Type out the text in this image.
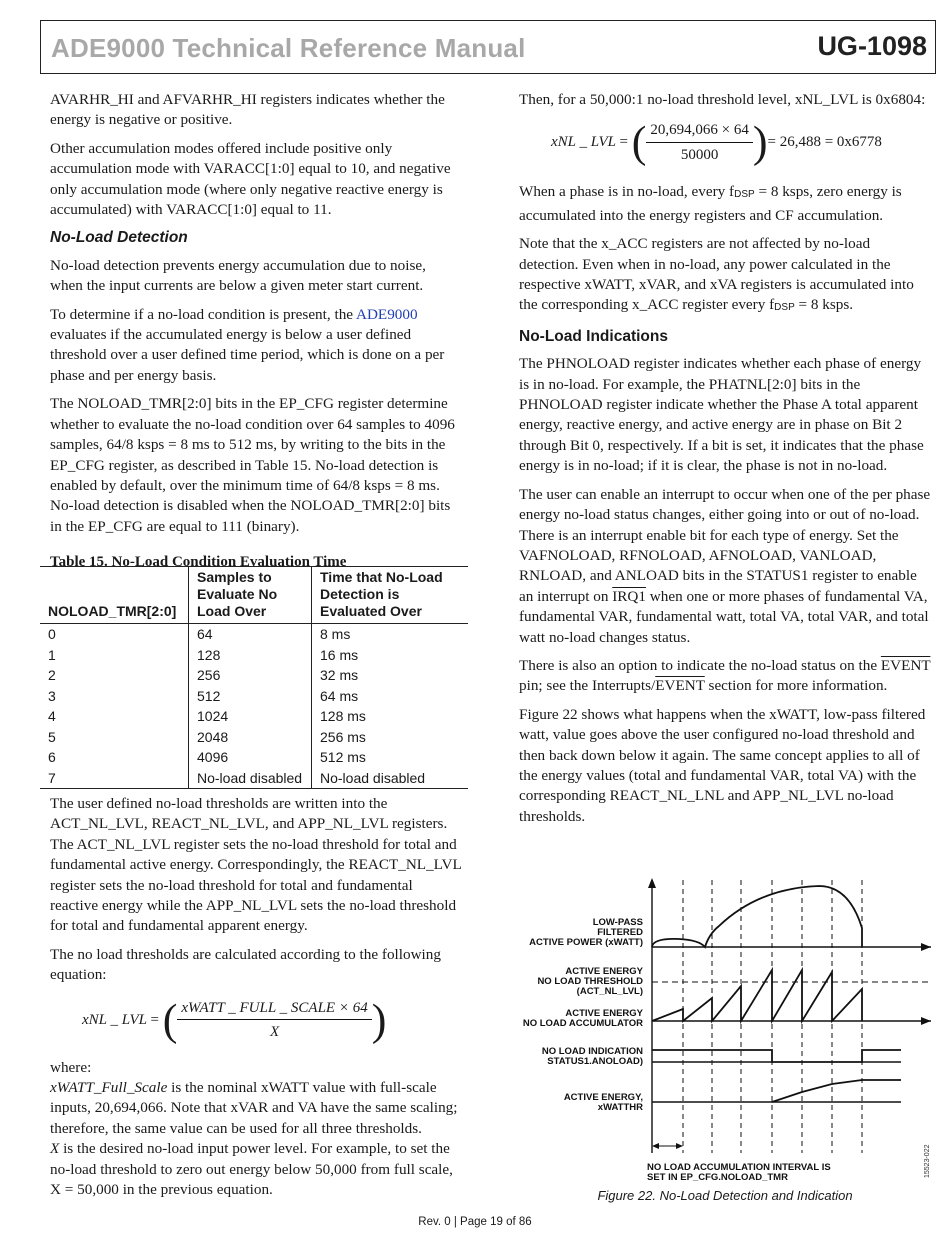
ADE9000 Technical Reference Manual	UG-1098

AVARHR_HI and AFVARHR_HI registers indicates whether the energy is negative or positive.

Other accumulation modes offered include positive only accumulation mode with VARACC[1:0] equal to 10, and negative only accumulation mode (where only negative reactive energy is accumulated) with VARACC[1:0] equal to 11.

No-Load Detection

No-load detection prevents energy accumulation due to noise, when the input currents are below a given meter start current.

To determine if a no-load condition is present, the ADE9000 evaluates if the accumulated energy is below a user defined threshold over a user defined time period, which is done on a per phase and per energy basis.

The NOLOAD_TMR[2:0] bits in the EP_CFG register determine whether to evaluate the no-load condition over 64 samples to 4096 samples, 64/8 ksps = 8 ms to 512 ms, by writing to the bits in the EP_CFG register, as described in Table 15. No-load detection is enabled by default, over the minimum time of 64/8 ksps = 8 ms. No-load detection is disabled when the NOLOAD_TMR[2:0] bits in the EP_CFG are equal to 111 (binary).

Table 15. No-Load Condition Evaluation Time
NOLOAD_TMR[2:0]	Samples to Evaluate No Load Over	Time that No-Load Detection is Evaluated Over
0	64	8 ms
1	128	16 ms
2	256	32 ms
3	512	64 ms
4	1024	128 ms
5	2048	256 ms
6	4096	512 ms
7	No-load disabled	No-load disabled

The user defined no-load thresholds are written into the ACT_NL_LVL, REACT_NL_LVL, and APP_NL_LVL registers. The ACT_NL_LVL register sets the no-load threshold for total and fundamental active energy. Correspondingly, the REACT_NL_LVL register sets the no-load threshold for total and fundamental reactive energy while the APP_NL_LVL sets the no-load threshold for total and fundamental apparent energy.

The no load thresholds are calculated according to the following equation:

xNL _ LVL = ( $\frac{\text{xWATT \_ FULL \_ SCALE × 64}}{X}$ )

where:

xWATT_Full_Scale is the nominal xWATT value with full-scale inputs, 20,694,066. Note that xVAR and VA have the same scaling; therefore, the same value can be used for all three thresholds.

X is the desired no-load input power level. For example, to set the no-load threshold to zero out energy below 50,000 from full scale, X = 50,000 in the previous equation.

Then, for a 50,000:1 no-load threshold level, xNL_LVL is 0x6804:

xNL _ LVL = ( $\frac{20,694,066 \times 64}{50000}$ )= 26,488 = 0x6778

When a phase is in no-load, every fDSP = 8 ksps, zero energy is accumulated into the energy registers and CF accumulation.

Note that the x_ACC registers are not affected by no-load detection. Even when in no-load, any power calculated in the respective xWATT, xVAR, and xVA registers is accumulated into the corresponding x_ACC register every fDSP = 8 ksps.

No-Load Indications

The PHNOLOAD register indicates whether each phase of energy is in no-load. For example, the PHATNL[2:0] bits in the PHNOLOAD register indicate whether the Phase A total apparent energy, reactive energy, and active energy are in phase on Bit 2 through Bit 0, respectively. If a bit is set, it indicates that the phase energy is in no-load; if it is clear, the phase is not in no-load.

The user can enable an interrupt to occur when one of the per phase energy no-load status changes, either going into or out of no-load. There is an interrupt enable bit for each type of energy. Set the VAFNOLOAD, RFNOLOAD, AFNOLOAD, VANLOAD, RNLOAD, and ANLOAD bits in the STATUS1 register to enable an interrupt on IRQ1 when one or more phases of fundamental VA, fundamental VAR, fundamental watt, total VA, total VAR, and total watt no-load changes status.

There is also an option to indicate the no-load status on the EVENT pin; see the Interrupts/EVENT section for more information.

Figure 22 shows what happens when the xWATT, low-pass filtered watt, value goes above the user configured no-load threshold and then back down below it again. The same concept applies to all of the energy values (total and fundamental VAR, total VA) with the corresponding REACT_NL_LNL and APP_NL_LVL no-load thresholds.

LOW-PASS
FILTERED
ACTIVE POWER (xWATT)
ACTIVE ENERGY
NO LOAD THRESHOLD
(ACT_NL_LVL)
ACTIVE ENERGY
NO LOAD ACCUMULATOR
NO LOAD INDICATION
STATUS1.ANOLOAD)
ACTIVE ENERGY,
xWATTHR
NO LOAD ACCUMULATION INTERVAL IS
SET IN EP_CFG.NOLOAD_TMR	15523-022
Figure 22. No-Load Detection and Indication
Rev. 0 | Page 19 of 86
